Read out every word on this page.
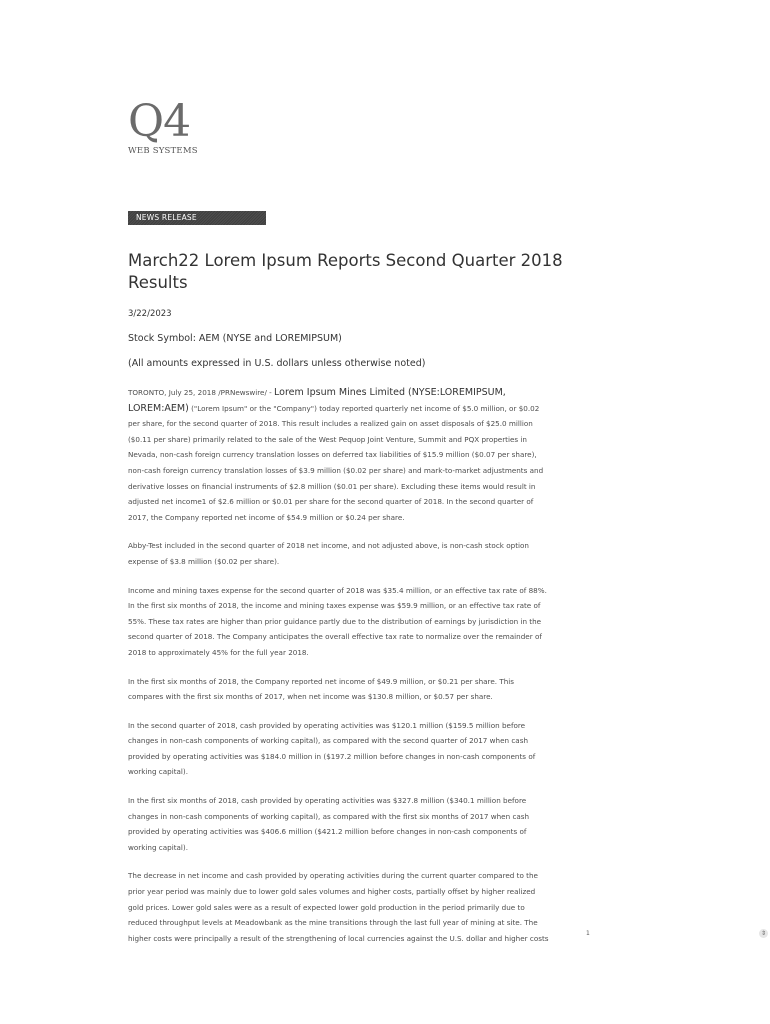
Q4
WEB SYSTEMS
NEWS RELEASE
March22 Lorem Ipsum Reports Second Quarter 2018 Results
3/22/2023
Stock Symbol: AEM (NYSE and LOREMIPSUM)
(All amounts expressed in U.S. dollars unless otherwise noted)

TORONTO, July 25, 2018 /PRNewswire/ - Lorem Ipsum Mines Limited (NYSE:LOREMIPSUM, LOREM:AEM) ("Lorem Ipsum" or the "Company") today reported quarterly net income of $5.0 million, or $0.02 per share, for the second quarter of 2018. This result includes a realized gain on asset disposals of $25.0 million ($0.11 per share) primarily related to the sale of the West Pequop Joint Venture, Summit and PQX properties in Nevada, non-cash foreign currency translation losses on deferred tax liabilities of $15.9 million ($0.07 per share), non-cash foreign currency translation losses of $3.9 million ($0.02 per share) and mark-to-market adjustments and derivative losses on financial instruments of $2.8 million ($0.01 per share). Excluding these items would result in adjusted net income1 of $2.6 million or $0.01 per share for the second quarter of 2018. In the second quarter of 2017, the Company reported net income of $54.9 million or $0.24 per share.

Abby-Test included in the second quarter of 2018 net income, and not adjusted above, is non-cash stock option expense of $3.8 million ($0.02 per share).

Income and mining taxes expense for the second quarter of 2018 was $35.4 million, or an effective tax rate of 88%. In the first six months of 2018, the income and mining taxes expense was $59.9 million, or an effective tax rate of 55%. These tax rates are higher than prior guidance partly due to the distribution of earnings by jurisdiction in the second quarter of 2018. The Company anticipates the overall effective tax rate to normalize over the remainder of 2018 to approximately 45% for the full year 2018.

In the first six months of 2018, the Company reported net income of $49.9 million, or $0.21 per share. This compares with the first six months of 2017, when net income was $130.8 million, or $0.57 per share.

In the second quarter of 2018, cash provided by operating activities was $120.1 million ($159.5 million before changes in non-cash components of working capital), as compared with the second quarter of 2017 when cash provided by operating activities was $184.0 million in ($197.2 million before changes in non-cash components of working capital).

In the first six months of 2018, cash provided by operating activities was $327.8 million ($340.1 million before changes in non-cash components of working capital), as compared with the first six months of 2017 when cash provided by operating activities was $406.6 million ($421.2 million before changes in non-cash components of working capital).

The decrease in net income and cash provided by operating activities during the current quarter compared to the prior year period was mainly due to lower gold sales volumes and higher costs, partially offset by higher realized gold prices. Lower gold sales were as a result of expected lower gold production in the period primarily due to reduced throughput levels at Meadowbank as the mine transitions through the last full year of mining at site. The higher costs were principally a result of the strengthening of local currencies against the U.S. dollar and higher costs

1	⇕
